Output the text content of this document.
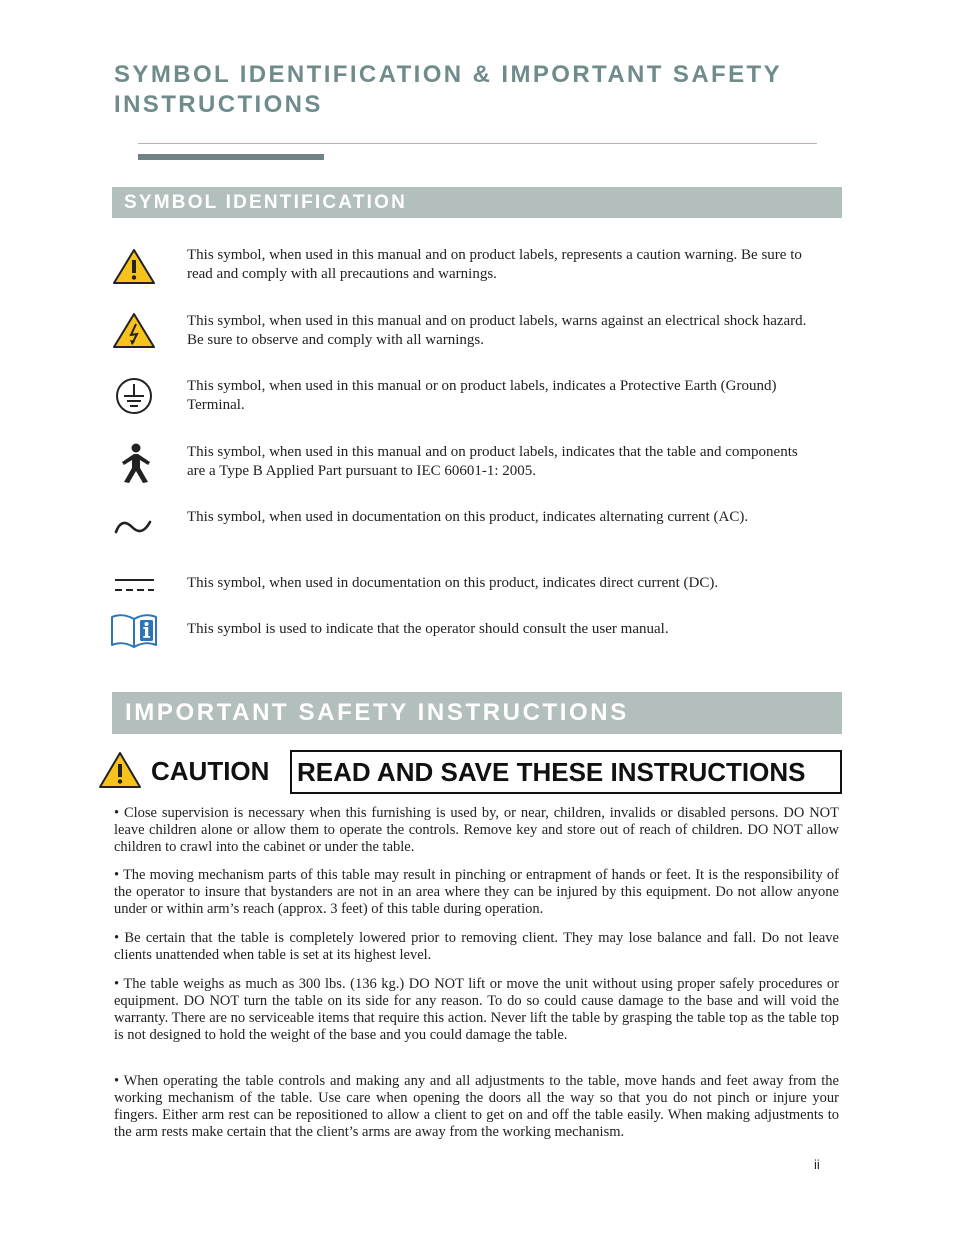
SYMBOL IDENTIFICATION & IMPORTANT SAFETY INSTRUCTIONS
SYMBOL IDENTIFICATION
This symbol, when used in this manual and on product labels, represents a caution warning. Be sure to read and comply with all precautions and warnings.
This symbol, when used in this manual and on product labels, warns against an electrical shock hazard. Be sure to observe and comply with all warnings.
This symbol, when used in this manual or on product labels, indicates a Protective Earth (Ground) Terminal.
This symbol, when used in this manual and on product labels, indicates that the table and components are a Type B Applied Part pursuant to IEC 60601-1: 2005.
This symbol, when used in documentation on this product, indicates alternating current (AC).
This symbol, when used in documentation on this product, indicates direct current (DC).
This symbol is used to indicate that the operator should consult the user manual.
IMPORTANT SAFETY INSTRUCTIONS
CAUTION READ AND SAVE THESE INSTRUCTIONS

• Close supervision is necessary when this furnishing is used by, or near, children, invalids or disabled persons. DO NOT leave children alone or allow them to operate the controls. Remove key and store out of reach of children. DO NOT allow children to crawl into the cabinet or under the table.

• The moving mechanism parts of this table may result in pinching or entrapment of hands or feet. It is the responsibility of the operator to insure that bystanders are not in an area where they can be injured by this equipment. Do not allow anyone under or within arm’s reach (approx. 3 feet) of this table during operation.

• Be certain that the table is completely lowered prior to removing client. They may lose balance and fall. Do not leave clients unattended when table is set at its highest level.

• The table weighs as much as 300 lbs. (136 kg.) DO NOT lift or move the unit without using proper safely procedures or equipment. DO NOT turn the table on its side for any reason. To do so could cause damage to the base and will void the warranty. There are no serviceable items that require this action. Never lift the table by grasping the table top as the table top is not designed to hold the weight of the base and you could damage the table.

• When operating the table controls and making any and all adjustments to the table, move hands and feet away from the working mechanism of the table. Use care when opening the doors all the way so that you do not pinch or injure your fingers. Either arm rest can be repositioned to allow a client to get on and off the table easily. When making adjustments to the arm rests make certain that the client’s arms are away from the working mechanism.

ii
